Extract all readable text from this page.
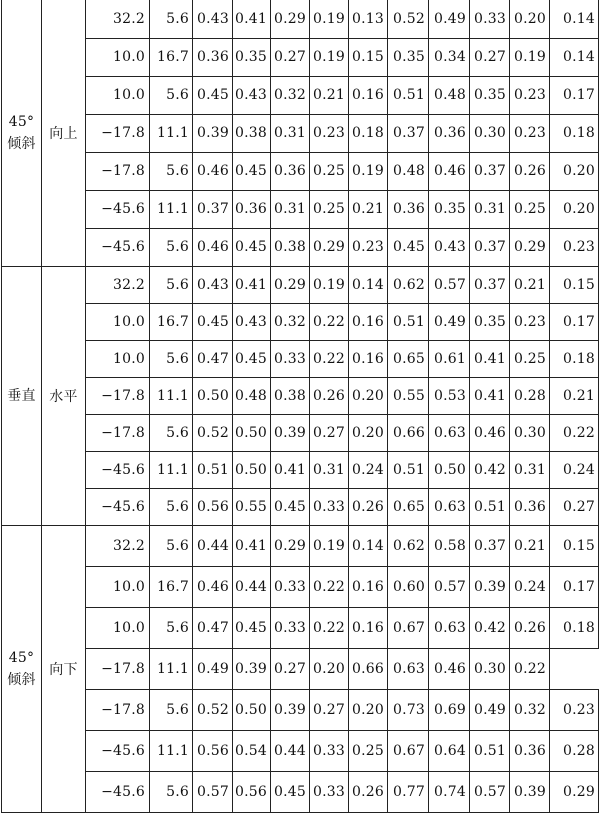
45°
倾斜	向上	32.2	5.6	0.43	0.41	0.29	0.19	0.13	0.52	0.49	0.33	0.20	0.14
		10.0	16.7	0.36	0.35	0.27	0.19	0.15	0.35	0.34	0.27	0.19	0.14
		10.0	5.6	0.45	0.43	0.32	0.21	0.16	0.51	0.48	0.35	0.23	0.17
		−17.8	11.1	0.39	0.38	0.31	0.23	0.18	0.37	0.36	0.30	0.23	0.18
		−17.8	5.6	0.46	0.45	0.36	0.25	0.19	0.48	0.46	0.37	0.26	0.20
		−45.6	11.1	0.37	0.36	0.31	0.25	0.21	0.36	0.35	0.31	0.25	0.20
		−45.6	5.6	0.46	0.45	0.38	0.29	0.23	0.45	0.43	0.37	0.29	0.23

垂直	水平	32.2	5.6	0.43	0.41	0.29	0.19	0.14	0.62	0.57	0.37	0.21	0.15
		10.0	16.7	0.45	0.43	0.32	0.22	0.16	0.51	0.49	0.35	0.23	0.17
		10.0	5.6	0.47	0.45	0.33	0.22	0.16	0.65	0.61	0.41	0.25	0.18
		−17.8	11.1	0.50	0.48	0.38	0.26	0.20	0.55	0.53	0.41	0.28	0.21
		−17.8	5.6	0.52	0.50	0.39	0.27	0.20	0.66	0.63	0.46	0.30	0.22
		−45.6	11.1	0.51	0.50	0.41	0.31	0.24	0.51	0.50	0.42	0.31	0.24
		−45.6	5.6	0.56	0.55	0.45	0.33	0.26	0.65	0.63	0.51	0.36	0.27

45°
倾斜	向下	32.2	5.6	0.44	0.41	0.29	0.19	0.14	0.62	0.58	0.37	0.21	0.15
		10.0	16.7	0.46	0.44	0.33	0.22	0.16	0.60	0.57	0.39	0.24	0.17
		10.0	5.6	0.47	0.45	0.33	0.22	0.16	0.67	0.63	0.42	0.26	0.18
		−17.8	11.1	0.49	0.39	0.27	0.20	0.66	0.63	0.46	0.30	0.22	
		−17.8	5.6	0.52	0.50	0.39	0.27	0.20	0.73	0.69	0.49	0.32	0.23
		−45.6	11.1	0.56	0.54	0.44	0.33	0.25	0.67	0.64	0.51	0.36	0.28
		−45.6	5.6	0.57	0.56	0.45	0.33	0.26	0.77	0.74	0.57	0.39	0.29
